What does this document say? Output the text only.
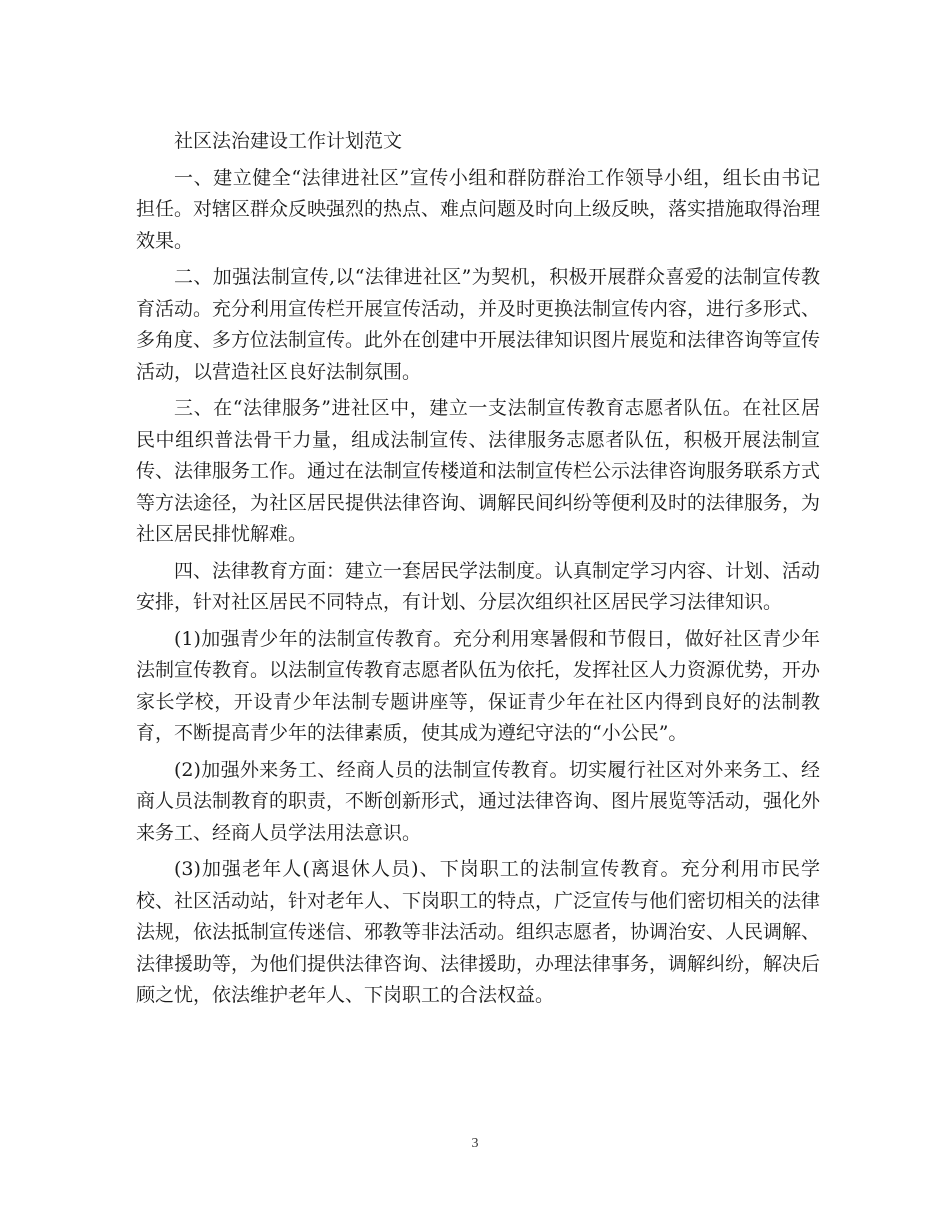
社区法治建设工作计划范文

一、建立健全“法律进社区”宣传小组和群防群治工作领导小组，组长由书记担任。对辖区群众反映强烈的热点、难点问题及时向上级反映，落实措施取得治理效果。

二、加强法制宣传,以“法律进社区”为契机，积极开展群众喜爱的法制宣传教育活动。充分利用宣传栏开展宣传活动，并及时更换法制宣传内容，进行多形式、多角度、多方位法制宣传。此外在创建中开展法律知识图片展览和法律咨询等宣传活动，以营造社区良好法制氛围。

三、在“法律服务”进社区中，建立一支法制宣传教育志愿者队伍。在社区居民中组织普法骨干力量，组成法制宣传、法律服务志愿者队伍，积极开展法制宣传、法律服务工作。通过在法制宣传楼道和法制宣传栏公示法律咨询服务联系方式等方法途径，为社区居民提供法律咨询、调解民间纠纷等便利及时的法律服务，为社区居民排忧解难。

四、法律教育方面：建立一套居民学法制度。认真制定学习内容、计划、活动安排，针对社区居民不同特点，有计划、分层次组织社区居民学习法律知识。

(1)加强青少年的法制宣传教育。充分利用寒暑假和节假日，做好社区青少年法制宣传教育。以法制宣传教育志愿者队伍为依托，发挥社区人力资源优势，开办家长学校，开设青少年法制专题讲座等，保证青少年在社区内得到良好的法制教育，不断提高青少年的法律素质，使其成为遵纪守法的“小公民”。

(2)加强外来务工、经商人员的法制宣传教育。切实履行社区对外来务工、经商人员法制教育的职责，不断创新形式，通过法律咨询、图片展览等活动，强化外来务工、经商人员学法用法意识。

(3)加强老年人(离退休人员)、下岗职工的法制宣传教育。充分利用市民学校、社区活动站，针对老年人、下岗职工的特点，广泛宣传与他们密切相关的法律法规，依法抵制宣传迷信、邪教等非法活动。组织志愿者，协调治安、人民调解、法律援助等，为他们提供法律咨询、法律援助，办理法律事务，调解纠纷，解决后顾之忧，依法维护老年人、下岗职工的合法权益。

3
